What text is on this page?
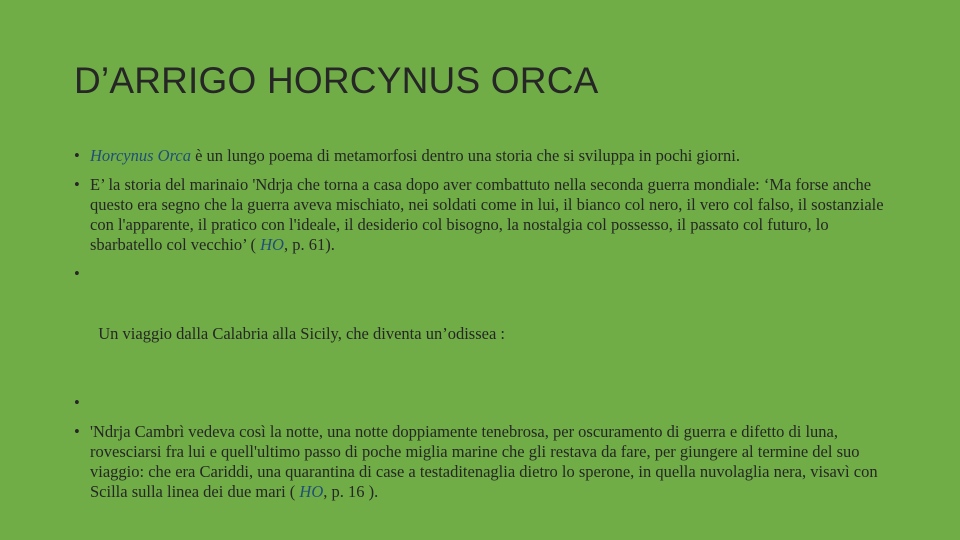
D’ARRIGO HORCYNUS ORCA
• Horcynus Orca è un lungo poema di metamorfosi dentro una storia che si sviluppa in pochi giorni.
• E’ la storia del marinaio 'Ndrja che torna a casa dopo aver combattuto nella seconda guerra mondiale: ‘Ma forse anche questo era segno che la guerra aveva mischiato, nei soldati come in lui, il bianco col nero, il vero col falso, il sostanziale con l'apparente, il pratico con l'ideale, il desiderio col bisogno, la nostalgia col possesso, il passato col futuro, lo sbarbatello col vecchio’ ( HO, p. 61).

•

Un viaggio dalla Calabria alla Sicily, che diventa un’odissea :

•
• 'Ndrja Cambrì vedeva così la notte, una notte doppiamente tenebrosa, per oscuramento di guerra e difetto di luna, rovesciarsi fra lui e quell'ultimo passo di poche miglia marine che gli restava da fare, per giungere al termine del suo viaggio: che era Cariddi, una quarantina di case a testaditenaglia dietro lo sperone, in quella nuvolaglia nera, visavì con Scilla sulla linea dei due mari ( HO, p. 16 ).
